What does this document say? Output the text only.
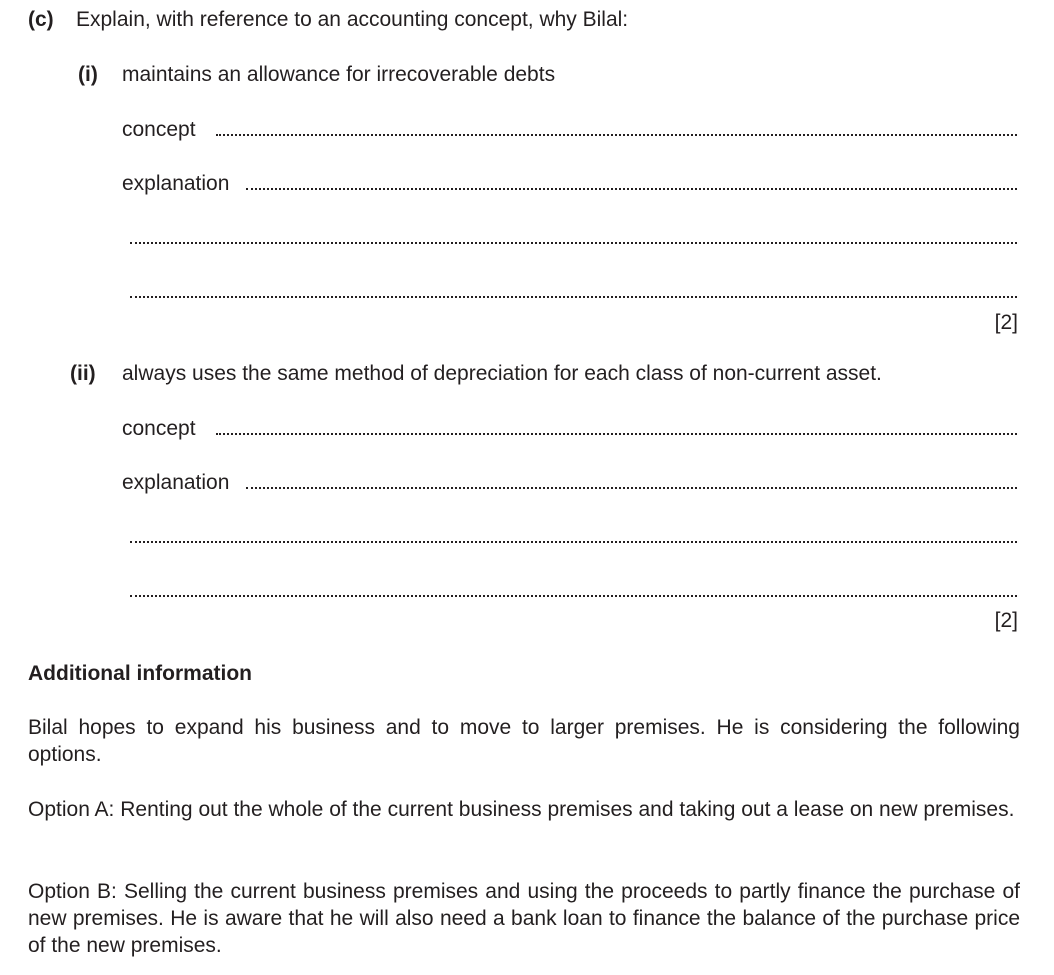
(c) Explain, with reference to an accounting concept, why Bilal:
(i) maintains an allowance for irrecoverable debts
concept
explanation
[2]
(ii) always uses the same method of depreciation for each class of non-current asset.
concept
explanation
[2]
Additional information
Bilal hopes to expand his business and to move to larger premises. He is considering the following options.
Option A: Renting out the whole of the current business premises and taking out a lease on new premises.
Option B: Selling the current business premises and using the proceeds to partly finance the purchase of new premises. He is aware that he will also need a bank loan to finance the balance of the purchase price of the new premises.
